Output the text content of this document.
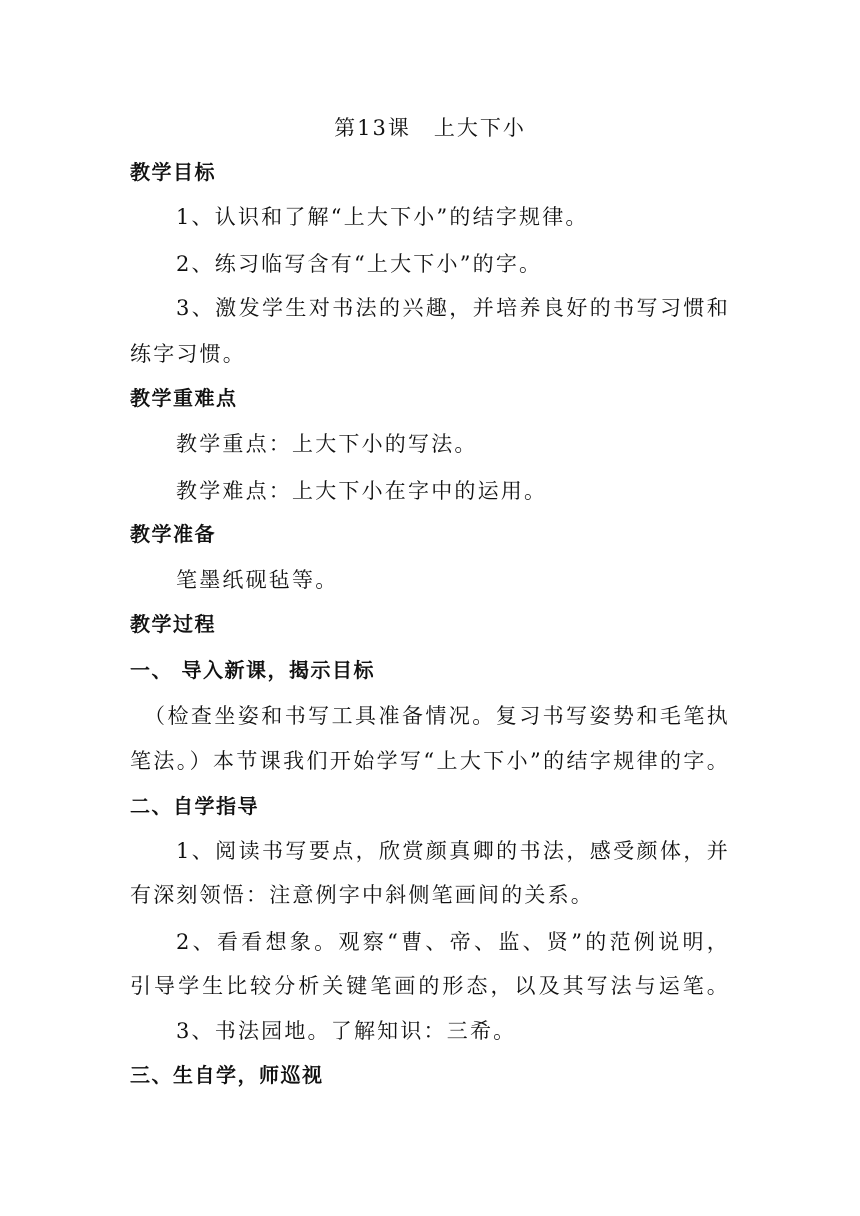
第13课　上大下小
教学目标
1、认识和了解“上大下小”的结字规律。
2、练习临写含有“上大下小”的字。
3、激发学生对书法的兴趣，并培养良好的书写习惯和
练字习惯。
教学重难点
教学重点：上大下小的写法。
教学难点：上大下小在字中的运用。
教学准备
笔墨纸砚毡等。
教学过程
一、 导入新课，揭示目标
（检查坐姿和书写工具准备情况。复习书写姿势和毛笔执
笔法。）本节课我们开始学写“上大下小”的结字规律的字。
二、自学指导
1、阅读书写要点，欣赏颜真卿的书法，感受颜体，并
有深刻领悟：注意例字中斜侧笔画间的关系。
2、看看想象。观察“曹、帝、监、贤”的范例说明，
引导学生比较分析关键笔画的形态，以及其写法与运笔。
3、书法园地。了解知识：三希。
三、生自学，师巡视
